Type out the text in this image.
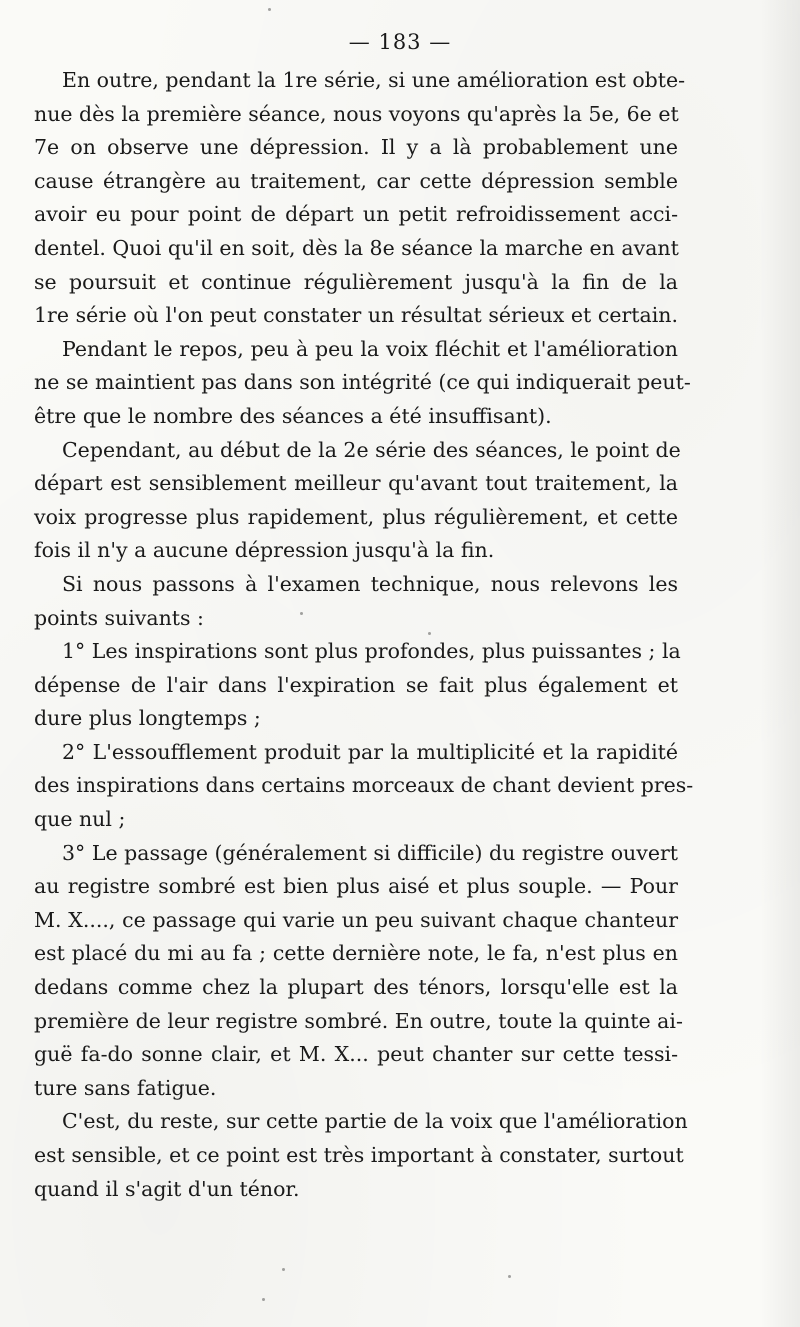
— 183 —
En outre, pendant la 1re série, si une amélioration est obte-
nue dès la première séance, nous voyons qu'après la 5e, 6e et
7e on observe une dépression. Il y a là probablement une
cause étrangère au traitement, car cette dépression semble
avoir eu pour point de départ un petit refroidissement acci-
dentel. Quoi qu'il en soit, dès la 8e séance la marche en avant
se poursuit et continue régulièrement jusqu'à la fin de la
1re série où l'on peut constater un résultat sérieux et certain.
Pendant le repos, peu à peu la voix fléchit et l'amélioration
ne se maintient pas dans son intégrité (ce qui indiquerait peut-
être que le nombre des séances a été insuffisant).
Cependant, au début de la 2e série des séances, le point de
départ est sensiblement meilleur qu'avant tout traitement, la
voix progresse plus rapidement, plus régulièrement, et cette
fois il n'y a aucune dépression jusqu'à la fin.
Si nous passons à l'examen technique, nous relevons les
points suivants :
1° Les inspirations sont plus profondes, plus puissantes ; la
dépense de l'air dans l'expiration se fait plus également et
dure plus longtemps ;
2° L'essoufflement produit par la multiplicité et la rapidité
des inspirations dans certains morceaux de chant devient pres-
que nul ;
3° Le passage (généralement si difficile) du registre ouvert
au registre sombré est bien plus aisé et plus souple. — Pour
M. X...., ce passage qui varie un peu suivant chaque chanteur
est placé du mi au fa ; cette dernière note, le fa, n'est plus en
dedans comme chez la plupart des ténors, lorsqu'elle est la
première de leur registre sombré. En outre, toute la quinte ai-
guë fa-do sonne clair, et M. X... peut chanter sur cette tessi-
ture sans fatigue.
C'est, du reste, sur cette partie de la voix que l'amélioration
est sensible, et ce point est très important à constater, surtout
quand il s'agit d'un ténor.
